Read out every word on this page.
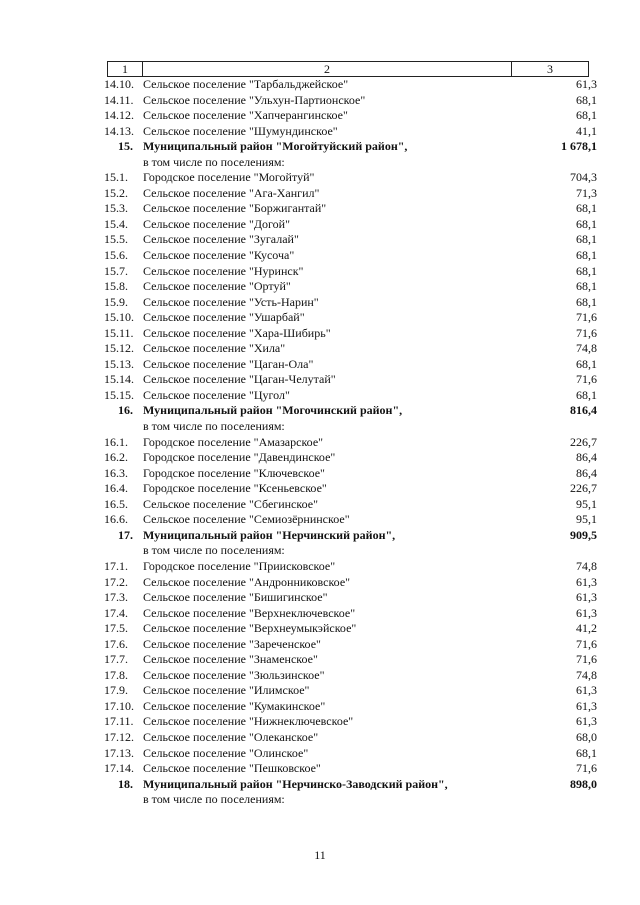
1	2	3
14.10. Сельское поселение "Тарбальджейское"	61,3
14.11. Сельское поселение "Ульхун-Партионское"	68,1
14.12. Сельское поселение "Хапчерангинское"	68,1
14.13. Сельское поселение "Шумундинское"	41,1
15. Муниципальный район "Могойтуйский район",	1 678,1
в том числе по поселениям:
15.1.	Городское поселение "Могойтуй"	704,3
15.2.	Сельское поселение "Ага-Хангил"	71,3
15.3.	Сельское поселение "Боржигантай"	68,1
15.4.	Сельское поселение "Догой"	68,1
15.5.	Сельское поселение "Зугалай"	68,1
15.6.	Сельское поселение "Кусоча"	68,1
15.7.	Сельское поселение "Нуринск"	68,1
15.8.	Сельское поселение "Ортуй"	68,1
15.9.	Сельское поселение "Усть-Нарин"	68,1
15.10. Сельское поселение "Ушарбай"	71,6
15.11. Сельское поселение "Хара-Шибирь"	71,6
15.12. Сельское поселение "Хила"	74,8
15.13. Сельское поселение "Цаган-Ола"	68,1
15.14. Сельское поселение "Цаган-Челутай"	71,6
15.15. Сельское поселение "Цугол"	68,1
16. Муниципальный район "Могочинский район",	816,4
в том числе по поселениям:
16.1.	Городское поселение "Амазарское"	226,7
16.2.	Городское поселение "Давендинское"	86,4
16.3.	Городское поселение "Ключевское"	86,4
16.4.	Городское поселение "Ксеньевское"	226,7
16.5.	Сельское поселение "Сбегинское"	95,1
16.6.	Сельское поселение "Семиозёрнинское"	95,1
17. Муниципальный район "Нерчинский район",	909,5
в том числе по поселениям:
17.1.	Городское поселение "Приисковское"	74,8
17.2.	Сельское поселение "Андронниковское"	61,3
17.3.	Сельское поселение "Бишигинское"	61,3
17.4.	Сельское поселение "Верхнеключевское"	61,3
17.5.	Сельское поселение "Верхнеумыкэйское"	41,2
17.6.	Сельское поселение "Зареченское"	71,6
17.7.	Сельское поселение "Знаменское"	71,6
17.8.	Сельское поселение "Зюльзинское"	74,8
17.9.	Сельское поселение "Илимское"	61,3
17.10. Сельское поселение "Кумакинское"	61,3
17.11. Сельское поселение "Нижнеключевское"	61,3
17.12. Сельское поселение "Олеканское"	68,0
17.13. Сельское поселение "Олинское"	68,1
17.14. Сельское поселение "Пешковское"	71,6
18. Муниципальный район "Нерчинско-Заводский район",	898,0
в том числе по поселениям:
11
